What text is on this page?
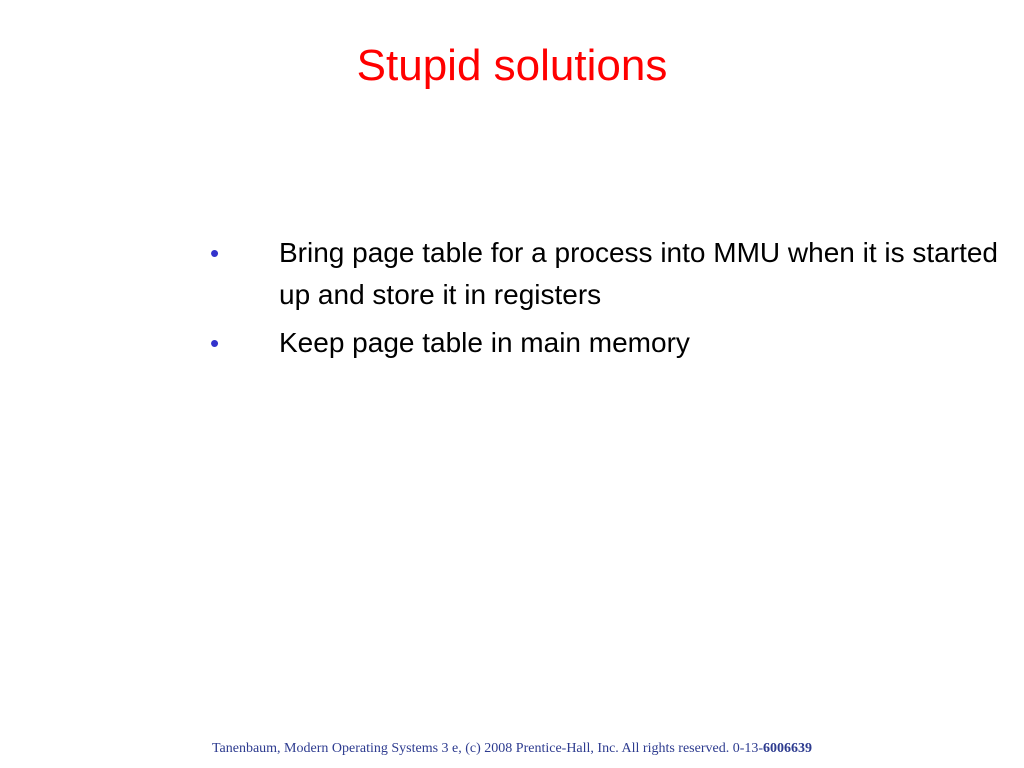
Stupid solutions
•	Bring page table for a process into MMU when it is started up and store it in registers
•	Keep page table in main memory
Tanenbaum, Modern Operating Systems 3 e, (c) 2008 Prentice-Hall, Inc. All rights reserved. 0-13-6006639
